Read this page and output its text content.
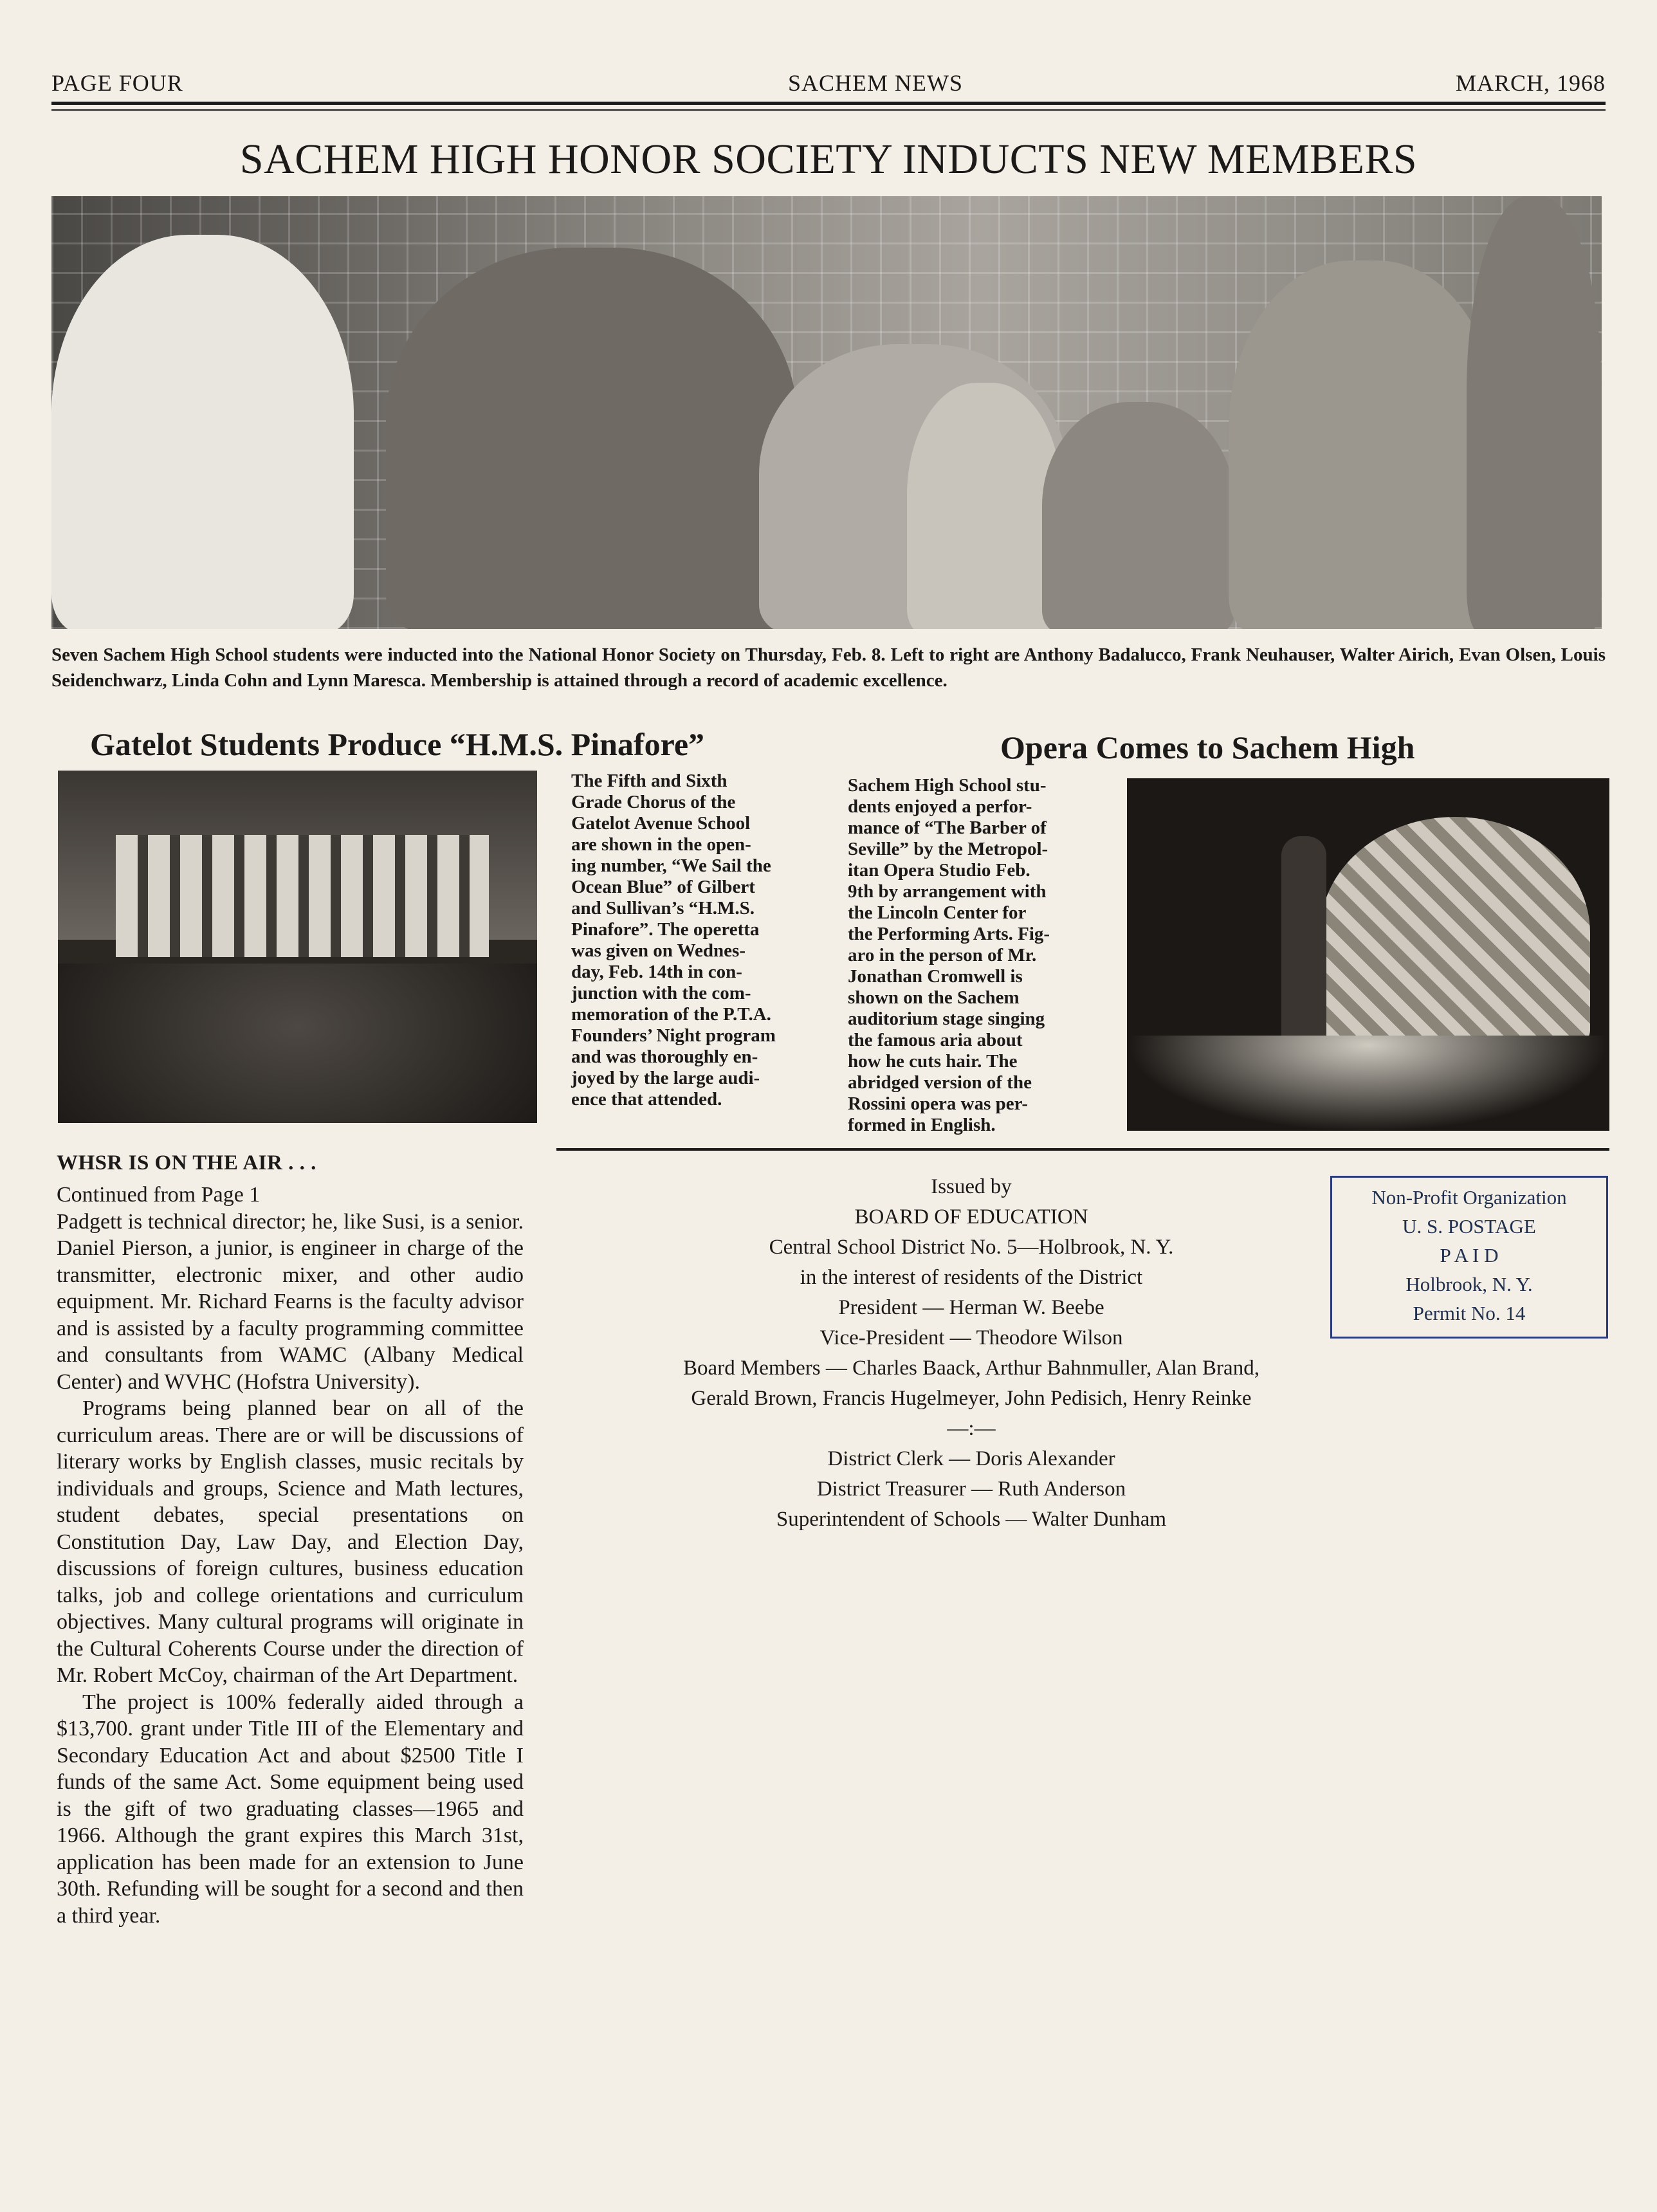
PAGE FOUR	SACHEM NEWS	MARCH, 1968
SACHEM HIGH HONOR SOCIETY INDUCTS NEW MEMBERS
Seven Sachem High School students were inducted into the National Honor Society on Thursday, Feb. 8. Left to right are Anthony Badalucco, Frank Neuhauser, Walter Airich, Evan Olsen, Louis Seidenchwarz, Linda Cohn and Lynn Maresca. Membership is attained through a record of academic excellence.
Gatelot Students Produce “H.M.S. Pinafore”
The Fifth and Sixth
Grade Chorus of the
Gatelot Avenue School
are shown in the open-
ing number, “We Sail the
Ocean Blue” of Gilbert
and Sullivan’s “H.M.S.
Pinafore”. The operetta
was given on Wednes-
day, Feb. 14th in con-
junction with the com-
memoration of the P.T.A.
Founders’ Night program
and was thoroughly en-
joyed by the large audi-
ence that attended.
Opera Comes to Sachem High
Sachem High School stu-
dents enjoyed a perfor-
mance of “The Barber of
Seville” by the Metropol-
itan Opera Studio Feb.
9th by arrangement with
the Lincoln Center for
the Performing Arts. Fig-
aro in the person of Mr.
Jonathan Cromwell is
shown on the Sachem
auditorium stage singing
the famous aria about
how he cuts hair. The
abridged version of the
Rossini opera was per-
formed in English.
WHSR IS ON THE AIR . . .

Continued from Page 1

Padgett is technical director; he, like Susi, is a senior. Daniel Pierson, a junior, is engineer in charge of the transmitter, electronic mixer, and other audio equipment. Mr. Richard Fearns is the faculty advisor and is assisted by a faculty programming committee and consultants from WAMC (Albany Medical Center) and WVHC (Hofstra University).

Programs being planned bear on all of the curriculum areas. There are or will be discussions of literary works by English classes, music recitals by individuals and groups, Science and Math lectures, student debates, special presentations on Constitution Day, Law Day, and Election Day, discussions of foreign cultures, business education talks, job and college orientations and curriculum objectives. Many cultural programs will originate in the Cultural Coherents Course under the direction of Mr. Robert McCoy, chairman of the Art Department.

The project is 100% federally aided through a $13,700. grant under Title III of the Elementary and Secondary Education Act and about $2500 Title I funds of the same Act. Some equipment being used is the gift of two graduating classes—1965 and 1966. Although the grant expires this March 31st, application has been made for an extension to June 30th. Refunding will be sought for a second and then a third year.

Issued by
BOARD OF EDUCATION
Central School District No. 5—Holbrook, N. Y.
in the interest of residents of the District
President — Herman W. Beebe
Vice-President — Theodore Wilson
Board Members — Charles Baack, Arthur Bahnmuller, Alan Brand,
Gerald Brown, Francis Hugelmeyer, John Pedisich, Henry Reinke
—:—
District Clerk — Doris Alexander
District Treasurer — Ruth Anderson
Superintendent of Schools — Walter Dunham
Non-Profit Organization
U. S. POSTAGE
P A I D
Holbrook, N. Y.
Permit No. 14
